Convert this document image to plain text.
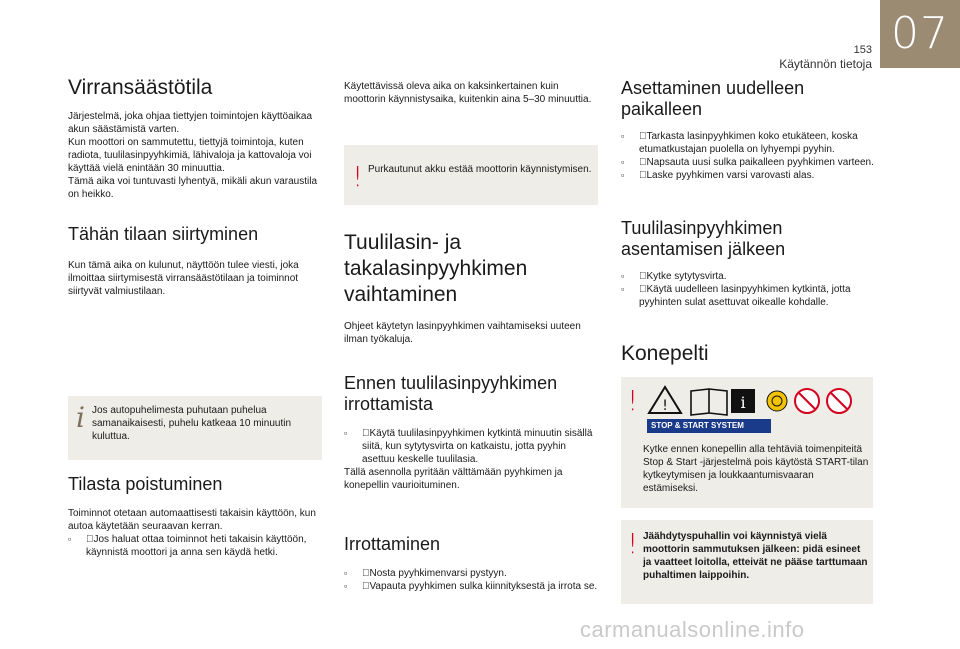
07
153
Käytännön tietoja
Virransäästötila

Järjestelmä, joka ohjaa tiettyjen toimintojen käyttöaikaa akun säästämistä varten.

Kun moottori on sammutettu, tiettyjä toimintoja, kuten radiota, tuulilasinpyyhkimiä, lähivaloja ja kattovaloja voi käyttää vielä enintään 30 minuuttia.

Tämä aika voi tuntuvasti lyhentyä, mikäli akun varaustila on heikko.

Tähän tilaan siirtyminen

Kun tämä aika on kulunut, näyttöön tulee viesti, joka ilmoittaa siirtymisestä virransäästötilaan ja toiminnot siirtyvät valmiustilaan.

i Jos autopuhelimesta puhutaan puhelua samanaikaisesti, puhelu katkeaa 10 minuutin kuluttua.

Tilasta poistuminen

Toiminnot otetaan automaattisesti takaisin käyttöön, kun autoa käytetään seuraavan kerran.

▫ Jos haluat ottaa toiminnot heti takaisin käyttöön, käynnistä moottori ja anna sen käydä hetki.

Käytettävissä oleva aika on kaksinkertainen kuin moottorin käynnistysaika, kuitenkin aina 5–30 minuuttia.

! Purkautunut akku estää moottorin käynnistymisen.

Tuulilasin- ja
takalasinpyyhkimen
vaihtaminen

Ohjeet käytetyn lasinpyyhkimen vaihtamiseksi uuteen ilman työkaluja.

Ennen tuulilasinpyyhkimen
irrottamista
▫ Käytä tuulilasinpyyhkimen kytkintä minuutin sisällä siitä, kun sytytysvirta on katkaistu, jotta pyyhin asettuu keskelle tuulilasia.

Tällä asennolla pyritään välttämään pyyhkimen ja konepellin vaurioituminen.

Irrottaminen
▫ Nosta pyyhkimenvarsi pystyyn.
▫ Vapauta pyyhkimen sulka kiinnityksestä ja irrota se.
Asettaminen uudelleen
paikalleen
▫ Tarkasta lasinpyyhkimen koko etukäteen, koska etumatkustajan puolella on lyhyempi pyyhin.
▫ Napsauta uusi sulka paikalleen pyyhkimen varteen.
▫ Laske pyyhkimen varsi varovasti alas.
Tuulilasinpyyhkimen
asentamisen jälkeen
▫ Kytke sytytysvirta.
▫ Käytä uudelleen lasinpyyhkimen kytkintä, jotta pyyhinten sulat asettuvat oikealle kohdalle.
Konepelti
! !	i
STOP & START SYSTEM

Kytke ennen konepellin alla tehtäviä toimenpiteitä Stop & Start -järjestelmä pois käytöstä START-tilan kytkeytymisen ja loukkaantumisvaaran estämiseksi.

! Jäähdytyspuhallin voi käynnistyä vielä moottorin sammutuksen jälkeen: pidä esineet ja vaatteet loitolla, etteivät ne pääse tarttumaan puhaltimen laippoihin.

carmanualsonline.info
